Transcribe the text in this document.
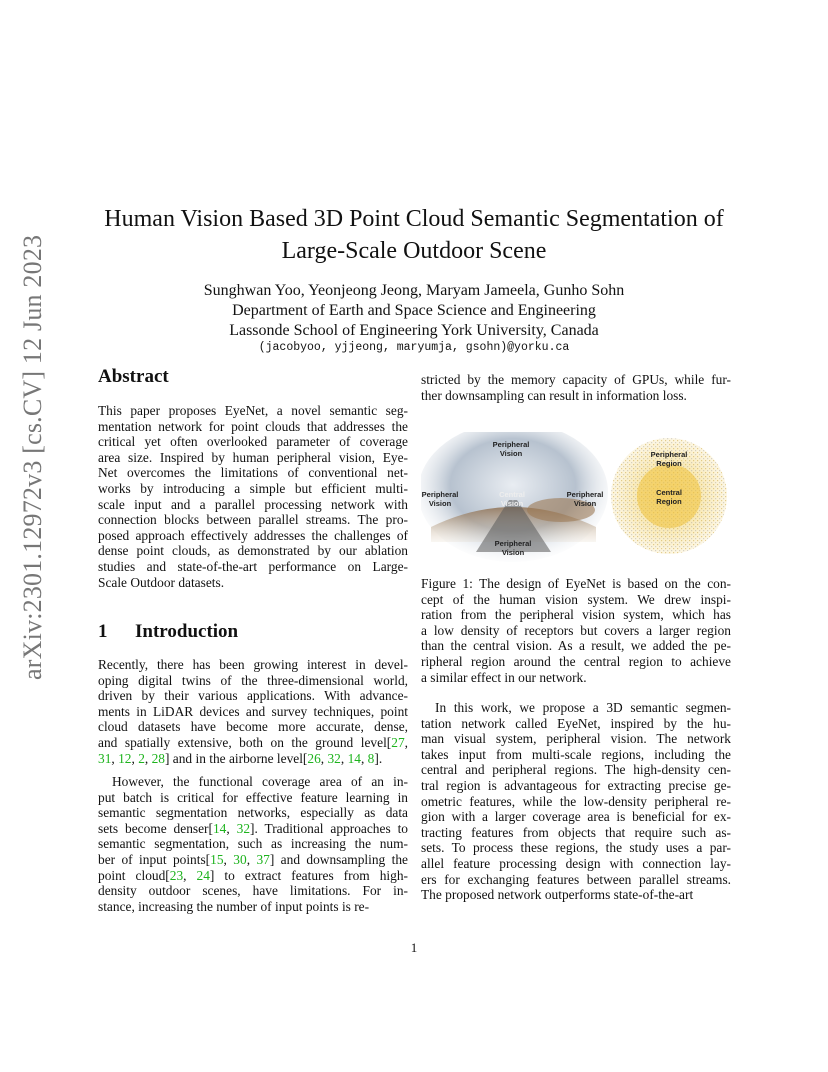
arXiv:2301.12972v3 [cs.CV] 12 Jun 2023
Human Vision Based 3D Point Cloud Semantic Segmentation of
Large-Scale Outdoor Scene
Sunghwan Yoo, Yeonjeong Jeong, Maryam Jameela, Gunho Sohn
Department of Earth and Space Science and Engineering
Lassonde School of Engineering York University, Canada
(jacobyoo, yjjeong, maryumja, gsohn)@yorku.ca
Abstract
This paper proposes EyeNet, a novel semantic seg-
mentation network for point clouds that addresses the
critical yet often overlooked parameter of coverage
area size. Inspired by human peripheral vision, Eye-
Net overcomes the limitations of conventional net-
works by introducing a simple but efficient multi-
scale input and a parallel processing network with
connection blocks between parallel streams. The pro-
posed approach effectively addresses the challenges of
dense point clouds, as demonstrated by our ablation
studies and state-of-the-art performance on Large-
Scale Outdoor datasets.
1 Introduction
Recently, there has been growing interest in devel-
oping digital twins of the three-dimensional world,
driven by their various applications. With advance-
ments in LiDAR devices and survey techniques, point
cloud datasets have become more accurate, dense,
and spatially extensive, both on the ground level[27,
31, 12, 2, 28] and in the airborne level[26, 32, 14, 8].
However, the functional coverage area of an in-
put batch is critical for effective feature learning in
semantic segmentation networks, especially as data
sets become denser[14, 32]. Traditional approaches to
semantic segmentation, such as increasing the num-
ber of input points[15, 30, 37] and downsampling the
point cloud[23, 24] to extract features from high-
density outdoor scenes, have limitations. For in-
stance, increasing the number of input points is re-
stricted by the memory capacity of GPUs, while fur-
ther downsampling can result in information loss.
Peripheral Vision
Peripheral Vision
Central Vision
Peripheral Vision
Peripheral Vision
Peripheral Region
Central Region
Figure 1: The design of EyeNet is based on the con-
cept of the human vision system. We drew inspi-
ration from the peripheral vision system, which has
a low density of receptors but covers a larger region
than the central vision. As a result, we added the pe-
ripheral region around the central region to achieve
a similar effect in our network.
In this work, we propose a 3D semantic segmen-
tation network called EyeNet, inspired by the hu-
man visual system, peripheral vision. The network
takes input from multi-scale regions, including the
central and peripheral regions. The high-density cen-
tral region is advantageous for extracting precise ge-
ometric features, while the low-density peripheral re-
gion with a larger coverage area is beneficial for ex-
tracting features from objects that require such as-
sets. To process these regions, the study uses a par-
allel feature processing design with connection lay-
ers for exchanging features between parallel streams.
The proposed network outperforms state-of-the-art
1
